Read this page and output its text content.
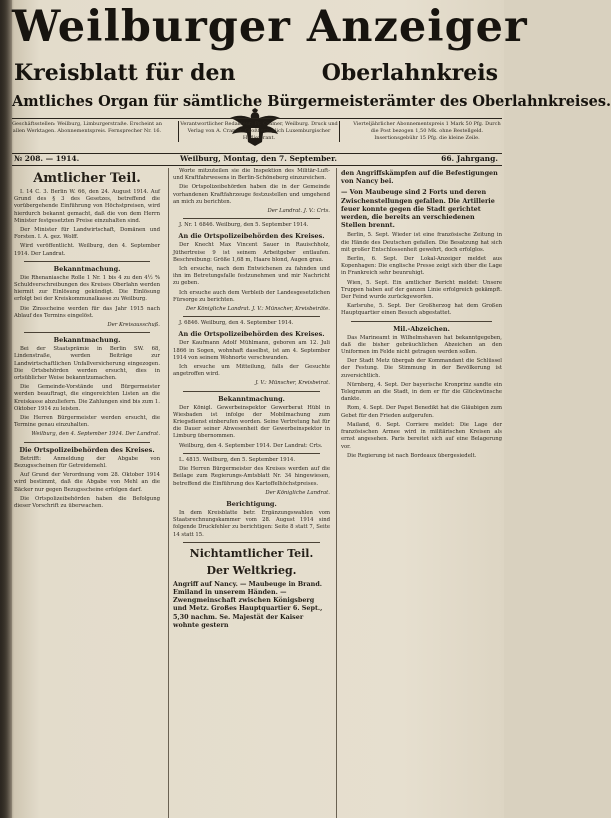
Weilburger Anzeiger
Kreisblatt für den	Oberlahnkreis
Amtliches Organ für sämtliche Bürgermeisterämter des Oberlahnkreises.
Geschäftsstellen: Weilburg, Limburgerstraße. Erscheint an allen Werktagen. Abonnementspreis. Fernsprecher Nr. 16.
Verantwortlicher Redakteur: Fr. Cramer, Weilburg. Druck und Verlag von A. Cramer, Großherzoglich Luxemburgischer Hoflieferant.
Vierteljährlicher Abonnementspreis 1 Mark 50 Pfg. Durch die Post bezogen 1,50 Mk. ohne Bestellgeld. Insertionsgebühr 15 Pfg. die kleine Zeile.
№ 208. — 1914.	Weilburg, Montag, den 7. September.	66. Jahrgang.
Amtlicher Teil.

I. 14 C. 3. Berlin W. 66, den 24. August 1914. Auf Grund des § 3 des Gesetzes, betreffend die vorübergehende Einführung von Höchstpreisen, wird hierdurch bekannt gemacht, daß die von dem Herrn Minister festgesetzten Preise einzuhalten sind.

Der Minister für Landwirtschaft, Domänen und Forsten. I. A. gez. Wolff.

Wird veröffentlicht. Weilburg, den 4. September 1914. Der Landrat.

Bekanntmachung.

Die Rhenaniasche Rolle 1 Nr. 1 bis 4 zu den 4½ % Schuldverschreibungen des Kreises Oberlahn werden hiermit zur Einlösung gekündigt. Die Einlösung erfolgt bei der Kreiskommunalkasse zu Weilburg.

Die Zinsscheine werden für das Jahr 1915 nach Ablauf des Termins eingelöst.

Der Kreisausschuß.
Bekanntmachung.

Bei der Staatsprämie in Berlin SW. 68, Lindenstraße, werden Beiträge zur Landwirtschaftlichen Unfallversicherung eingezogen. Die Ortsbehörden werden ersucht, dies in ortsüblicher Weise bekanntzumachen.

Die Gemeinde-Vorstände und Bürgermeister werden beauftragt, die eingereichten Listen an die Kreiskasse abzuliefern. Die Zahlungen sind bis zum 1. Oktober 1914 zu leisten.

Die Herren Bürgermeister werden ersucht, die Termine genau einzuhalten.

Weilburg, den 4. September 1914. Der Landrat.
Die Ortspolizeibehörden des Kreises.

Betrifft: Anmeldung der Abgabe von Bezugsscheinen für Getreidemehl.

Auf Grund der Verordnung vom 28. Oktober 1914 wird bestimmt, daß die Abgabe von Mehl an die Bäcker nur gegen Bezugsscheine erfolgen darf.

Die Ortspolizeibehörden haben die Befolgung dieser Vorschrift zu überwachen.

Worte mitzuteilen sie die Inspektion des Militär-Luft- und Kraftfahrwesens in Berlin-Schöneberg einzureichen.

Die Ortspolizeibehörden haben die in der Gemeinde vorhandenen Kraftfahrzeuge festzustellen und umgehend an mich zu berichten.

Der Landrat. J. V.: Crts.

J. Nr. 1 6846. Weilburg, den 5. September 1914.

An die Ortspolizeibehörden des Kreises.

Der Knecht Max Vincent Sauer in Rauischholz, Jüthertreise 9 ist seinem Arbeitgeber entlaufen. Beschreibung: Größe 1,68 m, Haare blond, Augen grau.

Ich ersuche, nach dem Entwichenen zu fahnden und ihn im Betretungsfalle festzunehmen und mir Nachricht zu geben.

Ich ersuche auch dem Verbleib der Landesgesetzlichen Fürsorge zu berichten.

Der Königliche Landrat. J. V.: Münscher, Kreisbeiräte.

J. 6846. Weilburg, den 4. September 1914.

An die Ortspolizeibehörden des Kreises.

Der Kaufmann Adolf Mühlmann, geboren am 12. Juli 1866 in Sogen, wohnhaft daselbst, ist am 4. September 1914 von seinem Wohnorte verschwunden.

Ich ersuche um Mitteilung, falls der Gesuchte angetroffen wird.

J. V.: Münscher, Kreisbeirat.
Bekanntmachung.

Der Königl. Gewerbeinspektor Gewerberat Hübl in Wiesbaden ist infolge der Mobilmachung zum Kriegsdienst einberufen worden. Seine Vertretung hat für die Dauer seiner Abwesenheit der Gewerbeinspektor in Limburg übernommen.

Weilburg, den 4. September 1914. Der Landrat: Crts.

L. 4815. Weilburg, den 5. September 1914.

Die Herren Bürgermeister des Kreises werden auf die Beilage zum Regierungs-Amtsblatt Nr. 34 hingewiesen, betreffend die Einführung des Kartoffelhöchstpreises.

Der Königliche Landrat.
Berichtigung.

In dem Kreisblatte betr. Ergänzungswahlen vom Staatsrechnungskammer vom 28. August 1914 sind folgende Druckfehler zu berichtigen: Seite 8 statt 7, Seite 14 statt 15.

Nichtamtlicher Teil.
Der Weltkrieg.
Angriff auf Nancy. — Maubeuge in Brand. Emiland in unserem Händen. — Zwengmeinschaft zwischen Königsberg und Metz. Großes Hauptquartier 6. Sept., 5,30 nachm. Se. Majestät der Kaiser wohnte gestern
den Angriffskämpfen auf die Befestigungen von Nancy bei.
— Von Maubeuge sind 2 Forts und deren Zwischenstellungen gefallen. Die Artillerie feuer konnte gegen die Stadt gerichtet werden, die bereits an verschiedenen Stellen brennt.

Berlin, 5. Sept. Wieder ist eine französische Zeitung in die Hände des Deutschen gefallen. Die Besatzung hat sich mit großer Entschlossenheit gewehrt, doch erfolglos.

Berlin, 6. Sept. Der Lokal-Anzeiger meldet aus Kopenhagen: Die englische Presse zeigt sich über die Lage in Frankreich sehr beunruhigt.

Wien, 5. Sept. Ein amtlicher Bericht meldet: Unsere Truppen haben auf der ganzen Linie erfolgreich gekämpft. Der Feind wurde zurückgeworfen.

Karlsruhe, 5. Sept. Der Großherzog hat dem Großen Hauptquartier einen Besuch abgestattet.

Mil.-Abzeichen.

Das Marineamt in Wilhelmshaven hat bekanntgegeben, daß die bisher gebräuchlichen Abzeichen an den Uniformen im Felde nicht getragen werden sollen.

Der Stadt Metz übergab der Kommandant die Schlüssel der Festung. Die Stimmung in der Bevölkerung ist zuversichtlich.

Nürnberg, 4. Sept. Der bayerische Kronprinz sandte ein Telegramm an die Stadt, in dem er für die Glückwünsche dankte.

Rom, 4. Sept. Der Papst Benedikt hat die Gläubigen zum Gebet für den Frieden aufgerufen.

Mailand, 6. Sept. Corriere meldet: Die Lage der französischen Armee wird in militärischen Kreisen als ernst angesehen. Paris bereitet sich auf eine Belagerung vor.

Die Regierung ist nach Bordeaux übergesiedelt.
